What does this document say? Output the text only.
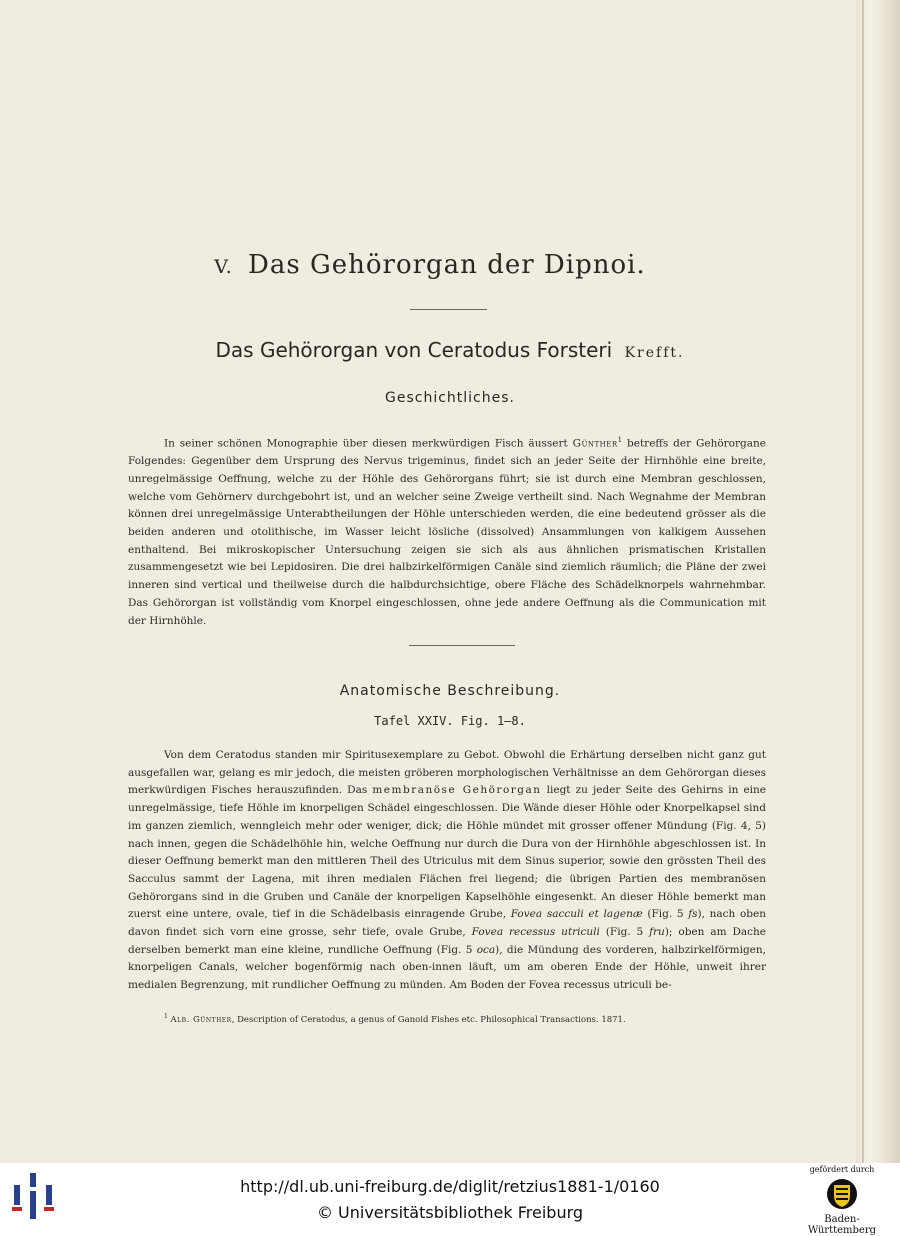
V. Das Gehörorgan der Dipnoi.
Das Gehörorgan von Ceratodus Forsteri Krefft.
Geschichtliches.

In seiner schönen Monographie über diesen merkwürdigen Fisch äussert Günther$^1$ betreffs der Gehörorgane Folgendes: Gegenüber dem Ursprung des Nervus trigeminus, findet sich an jeder Seite der Hirnhöhle eine breite, unregelmässige Oeffnung, welche zu der Höhle des Gehörorgans führt; sie ist durch eine Membran geschlossen, welche vom Gehörnerv durchgebohrt ist, und an welcher seine Zweige vertheilt sind. Nach Wegnahme der Membran können drei unregelmässige Unterabtheilungen der Höhle unterschieden werden, die eine bedeutend grösser als die beiden anderen und otolithische, im Wasser leicht lösliche (dissolved) Ansammlungen von kalkigem Aussehen enthaltend. Bei mikroskopischer Untersuchung zeigen sie sich als aus ähnlichen prismatischen Kristallen zusammengesetzt wie bei Lepidosiren. Die drei halbzirkelförmigen Canäle sind ziemlich räumlich; die Pläne der zwei inneren sind vertical und theilweise durch die halbdurchsichtige, obere Fläche des Schädelknorpels wahrnehmbar. Das Gehörorgan ist vollständig vom Knorpel eingeschlossen, ohne jede andere Oeffnung als die Communication mit der Hirnhöhle.

Anatomische Beschreibung.
Tafel XXIV. Fig. 1—8.

Von dem Ceratodus standen mir Spiritusexemplare zu Gebot. Obwohl die Erhärtung derselben nicht ganz gut ausgefallen war, gelang es mir jedoch, die meisten gröberen morphologischen Verhältnisse an dem Gehörorgan dieses merkwürdigen Fisches herauszufinden. Das membranöse Gehörorgan liegt zu jeder Seite des Gehirns in eine unregelmässige, tiefe Höhle im knorpeligen Schädel eingeschlossen. Die Wände dieser Höhle oder Knorpelkapsel sind im ganzen ziemlich, wenngleich mehr oder weniger, dick; die Höhle mündet mit grosser offener Mündung (Fig. 4, 5) nach innen, gegen die Schädelhöhle hin, welche Oeffnung nur durch die Dura von der Hirnhöhle abgeschlossen ist. In dieser Oeffnung bemerkt man den mittleren Theil des Utriculus mit dem Sinus superior, sowie den grössten Theil des Sacculus sammt der Lagena, mit ihren medialen Flächen frei liegend; die übrigen Partien des membranösen Gehörorgans sind in die Gruben und Canäle der knorpeligen Kapselhöhle eingesenkt. An dieser Höhle bemerkt man zuerst eine untere, ovale, tief in die Schädelbasis einragende Grube, Fovea sacculi et lagenæ (Fig. 5 fs), nach oben davon findet sich vorn eine grosse, sehr tiefe, ovale Grube, Fovea recessus utriculi (Fig. 5 fru); oben am Dache derselben bemerkt man eine kleine, rundliche Oeffnung (Fig. 5 oca), die Mündung des vorderen, halbzirkelförmigen, knorpeligen Canals, welcher bogenförmig nach oben-innen läuft, um am oberen Ende der Höhle, unweit ihrer medialen Begrenzung, mit rundlicher Oeffnung zu münden. Am Boden der Fovea recessus utriculi be-

$^1$ Alb. Günther, Description of Ceratodus, a genus of Ganoid Fishes etc. Philosophical Transactions. 1871.
http://dl.ub.uni-freiburg.de/diglit/retzius1881-1/0160
© Universitätsbibliothek Freiburg
gefördert durch
Baden-Württemberg
